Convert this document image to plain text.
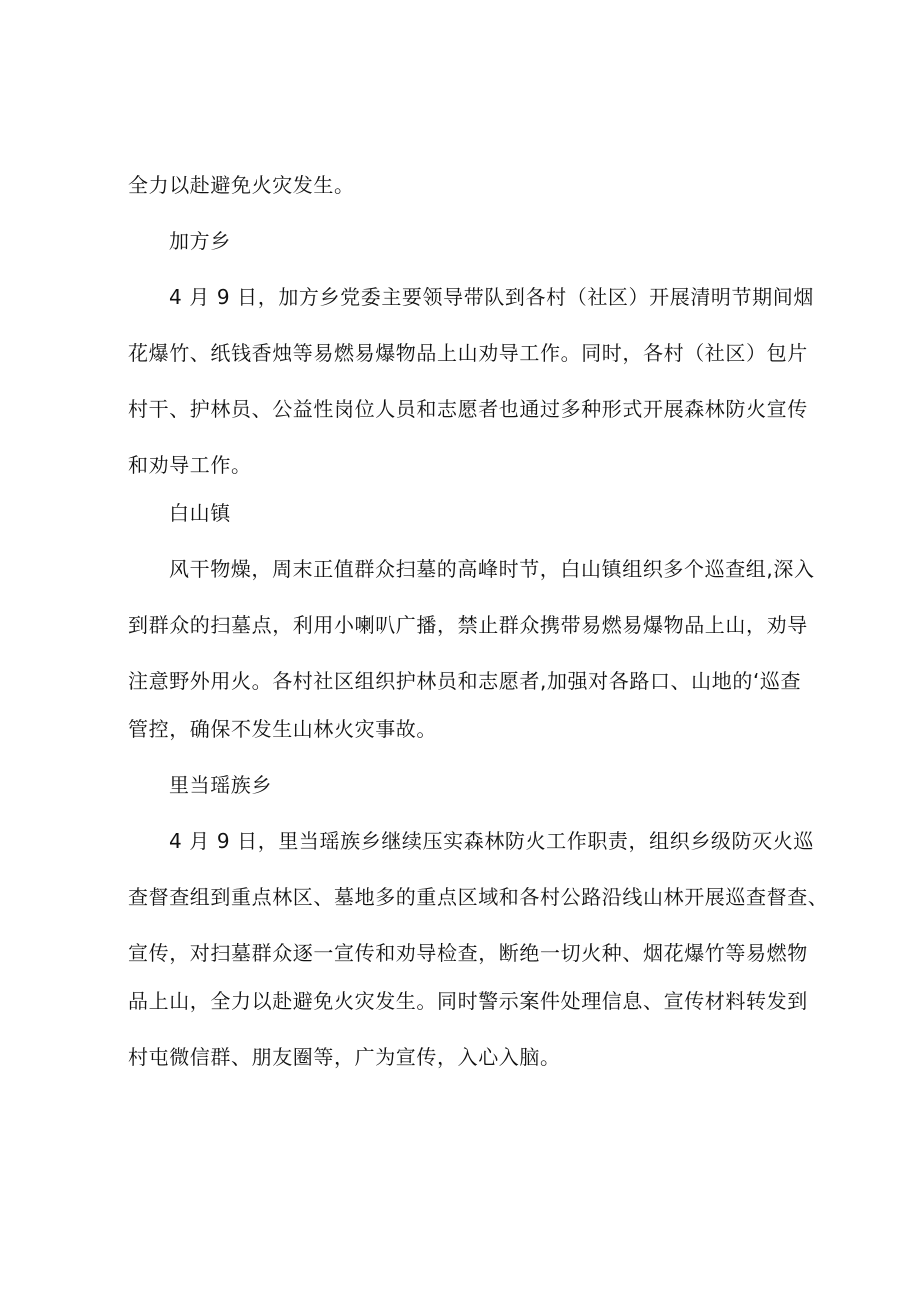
全力以赴避免火灾发生。
加方乡
4 月 9 日，加方乡党委主要领导带队到各村（社区）开展清明节期间烟
花爆竹、纸钱香烛等易燃易爆物品上山劝导工作。同时，各村（社区）包片
村干、护林员、公益性岗位人员和志愿者也通过多种形式开展森林防火宣传
和劝导工作。
白山镇
风干物燥，周末正值群众扫墓的高峰时节，白山镇组织多个巡查组,深入
到群众的扫墓点，利用小喇叭广播，禁止群众携带易燃易爆物品上山，劝导
注意野外用火。各村社区组织护林员和志愿者,加强对各路口、山地的‘巡查
管控，确保不发生山林火灾事故。
里当瑶族乡
4 月 9 日，里当瑶族乡继续压实森林防火工作职责，组织乡级防灭火巡
查督查组到重点林区、墓地多的重点区域和各村公路沿线山林开展巡查督查、
宣传，对扫墓群众逐一宣传和劝导检查，断绝一切火种、烟花爆竹等易燃物
品上山，全力以赴避免火灾发生。同时警示案件处理信息、宣传材料转发到
村屯微信群、朋友圈等，广为宣传，入心入脑。
